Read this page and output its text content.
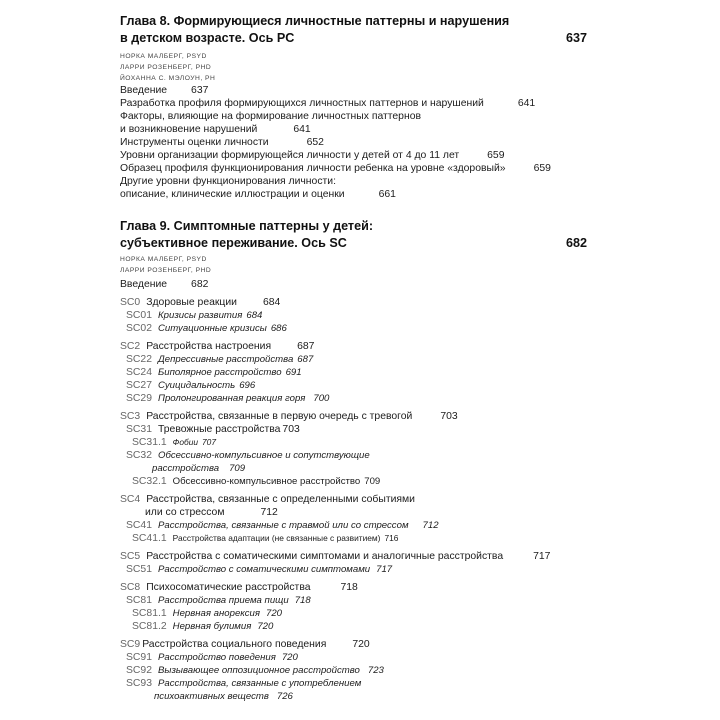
Глава 8. Формирующиеся личностные паттерны и нарушения
в детском возрасте. Ось PC	637
НОРКА МАЛБЕРГ, PSYD
ЛАРРИ РОЗЕНБЕРГ, PHD
ЙОХАННА С. МЭЛОУН, PH
Введение 637
Разработка профиля формирующихся личностных паттернов и нарушений	641
Факторы, влияющие на формирование личностных паттернов
и возникновение нарушений	641
Инструменты оценки личности	652
Уровни организации формирующейся личности у детей от 4 до 11 лет	659
Образец профиля функционирования личности ребенка на уровне «здоровый»	659
Другие уровни функционирования личности:
описание, клинические иллюстрации и оценки	661
Глава 9. Симптомные паттерны у детей:
субъективное переживание. Ось SC	682
НОРКА МАЛБЕРГ, PSYD
ЛАРРИ РОЗЕНБЕРГ, PHD
Введение 682
SC0 Здоровые реакции	684
SC01 Кризисы развития 684
SC02 Ситуационные кризисы 686
SC2 Расстройства настроения	687
SC22 Депрессивные расстройства 687
SC24 Биполярное расстройство 691
SC27 Суицидальность 696
SC29 Пролонгированная реакция горя 700
SC3 Расстройства, связанные в первую очередь с тревогой	703
SC31 Тревожные расстройства 703
SC31.1 Фобии 707
SC32 Обсессивно-компульсивное и сопутствующие
расстройства 709
SC32.1 Обсессивно-компульсивное расстройство 709
SC4 Расстройства, связанные с определенными событиями
или со стрессом	712
SC41 Расстройства, связанные с травмой или со стрессом 712
SC41.1 Расстройства адаптации (не связанные с развитием) 716
SC5 Расстройства с соматическими симптомами и аналогичные расстройства	717
SC51 Расстройство с соматическими симптомами 717
SC8 Психосоматические расстройства	718
SC81 Расстройства приема пищи 718
SC81.1 Нервная анорексия 720
SC81.2 Нервная булимия 720
SC9 Расстройства социального поведения	720
SC91 Расстройство поведения 720
SC92 Вызывающее оппозиционное расстройство 723
SC93 Расстройства, связанные с употреблением
психоактивных веществ 726
